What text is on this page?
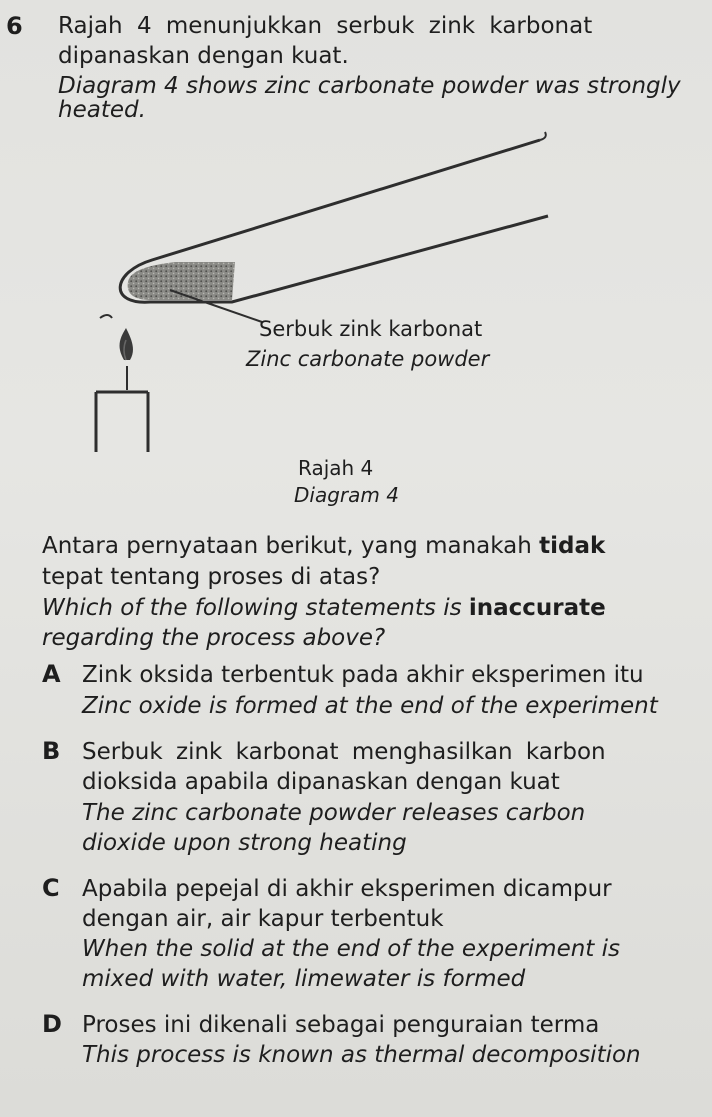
6 Rajah 4 menunjukkan serbuk zink karbonat
dipanaskan dengan kuat.
Diagram 4 shows zinc carbonate powder was strongly
heated.
Serbuk zink karbonat
Zinc carbonate powder
Rajah 4
Diagram 4
Antara pernyataan berikut, yang manakah tidak
tepat tentang proses di atas?
Which of the following statements is inaccurate
regarding the process above?
A Zink oksida terbentuk pada akhir eksperimen itu
Zinc oxide is formed at the end of the experiment
B Serbuk zink karbonat menghasilkan karbon
dioksida apabila dipanaskan dengan kuat
The zinc carbonate powder releases carbon
dioxide upon strong heating
C Apabila pepejal di akhir eksperimen dicampur
dengan air, air kapur terbentuk
When the solid at the end of the experiment is
mixed with water, limewater is formed
D Proses ini dikenali sebagai penguraian terma
This process is known as thermal decomposition
